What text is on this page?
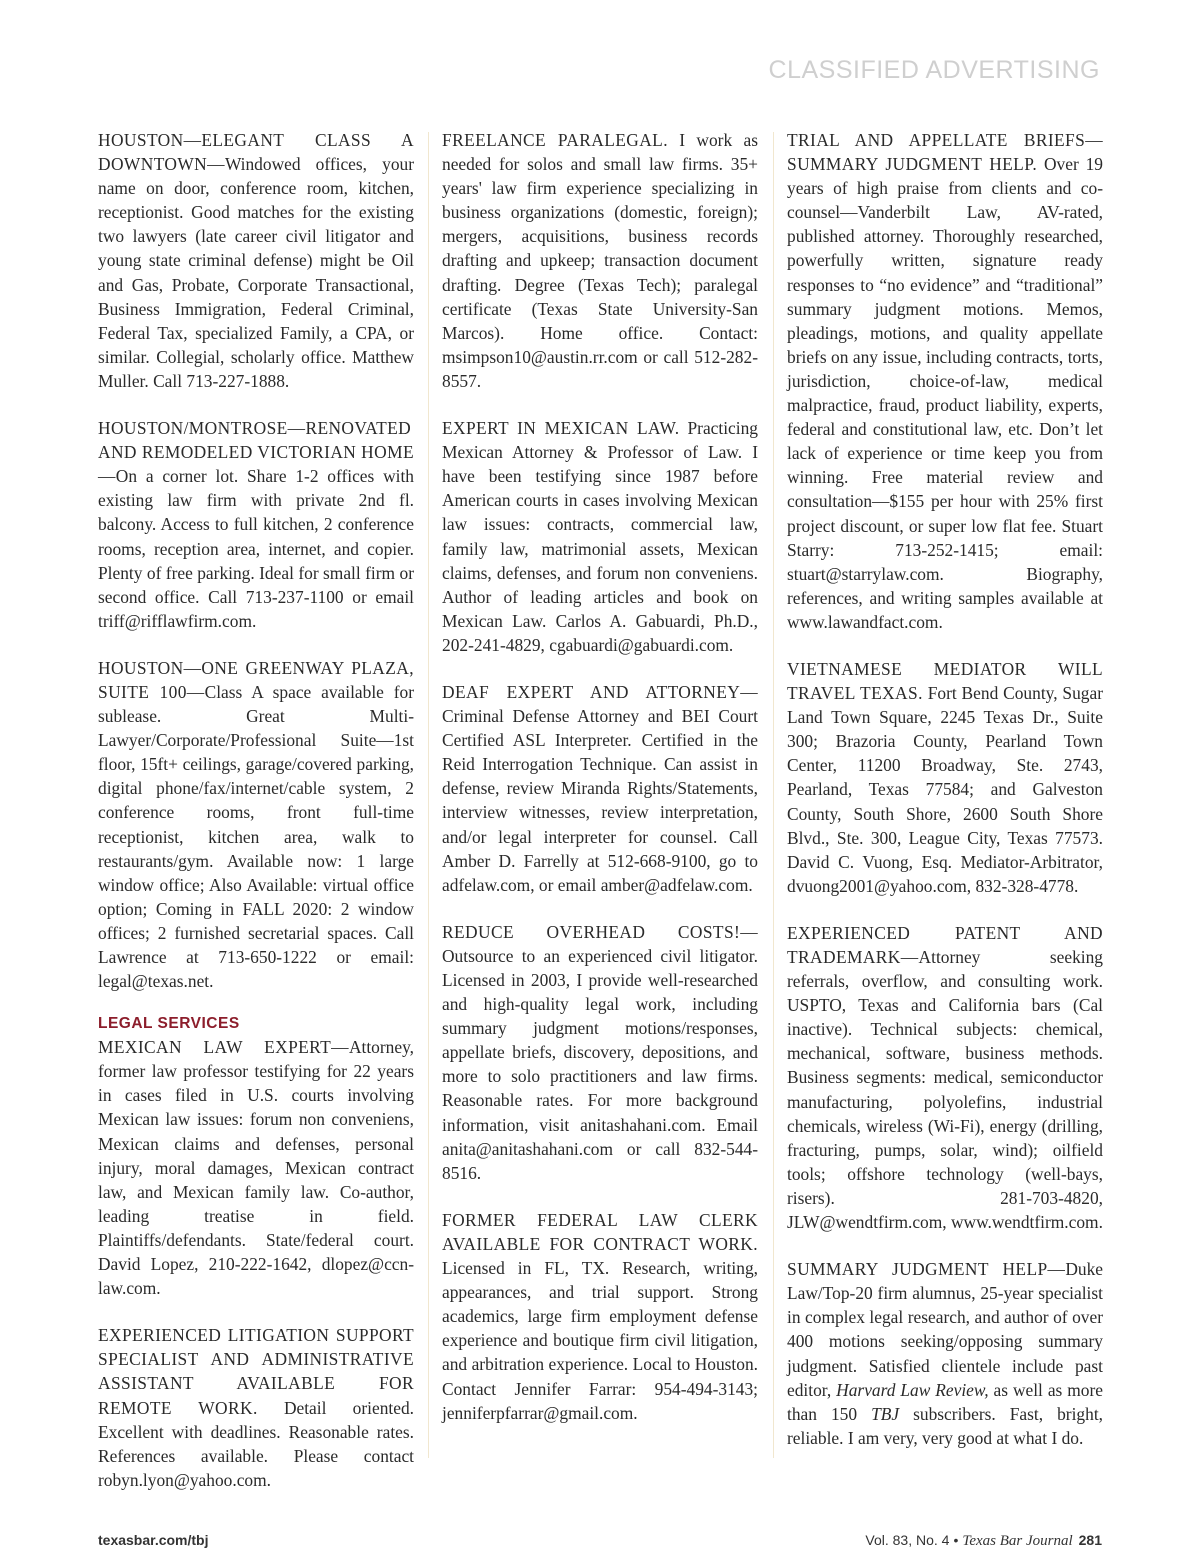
CLASSIFIED ADVERTISING

HOUSTON—ELEGANT CLASS A DOWNTOWN—Windowed offices, your name on door, conference room, kitchen, receptionist. Good matches for the existing two lawyers (late career civil litigator and young state criminal defense) might be Oil and Gas, Probate, Corporate Transactional, Business Immigration, Federal Criminal, Federal Tax, specialized Family, a CPA, or similar. Collegial, scholarly office. Matthew Muller. Call 713-227-1888.

HOUSTON/MONTROSE—RENOVATED AND REMODELED VICTORIAN HOME—On a corner lot. Share 1-2 offices with existing law firm with private 2nd fl. balcony. Access to full kitchen, 2 conference rooms, reception area, internet, and copier. Plenty of free parking. Ideal for small firm or second office. Call 713-237-1100 or email triff@rifflawfirm.com.

HOUSTON—ONE GREENWAY PLAZA, SUITE 100—Class A space available for sublease. Great Multi-Lawyer/Corporate/Professional Suite—1st floor, 15ft+ ceilings, garage/covered parking, digital phone/fax/internet/cable system, 2 conference rooms, front full-time receptionist, kitchen area, walk to restaurants/gym. Available now: 1 large window office; Also Available: virtual office option; Coming in FALL 2020: 2 window offices; 2 furnished secretarial spaces. Call Lawrence at 713-650-1222 or email: legal@texas.net.

LEGAL SERVICES

MEXICAN LAW EXPERT—Attorney, former law professor testifying for 22 years in cases filed in U.S. courts involving Mexican law issues: forum non conveniens, Mexican claims and defenses, personal injury, moral damages, Mexican contract law, and Mexican family law. Co-author, leading treatise in field. Plaintiffs/defendants. State/federal court. David Lopez, 210-222-1642, dlopez@ccn-law.com.

EXPERIENCED LITIGATION SUPPORT SPECIALIST AND ADMINISTRATIVE ASSISTANT AVAILABLE FOR REMOTE WORK. Detail oriented. Excellent with deadlines. Reasonable rates. References available. Please contact robyn.lyon@yahoo.com.

FREELANCE PARALEGAL. I work as needed for solos and small law firms. 35+ years' law firm experience specializing in business organizations (domestic, foreign); mergers, acquisitions, business records drafting and upkeep; transaction document drafting. Degree (Texas Tech); paralegal certificate (Texas State University-San Marcos). Home office. Contact: msimpson10@austin.rr.com or call 512-282-8557.

EXPERT IN MEXICAN LAW. Practicing Mexican Attorney & Professor of Law. I have been testifying since 1987 before American courts in cases involving Mexican law issues: contracts, commercial law, family law, matrimonial assets, Mexican claims, defenses, and forum non conveniens. Author of leading articles and book on Mexican Law. Carlos A. Gabuardi, Ph.D., 202-241-4829, cgabuardi@gabuardi.com.

DEAF EXPERT AND ATTORNEY—Criminal Defense Attorney and BEI Court Certified ASL Interpreter. Certified in the Reid Interrogation Technique. Can assist in defense, review Miranda Rights/Statements, interview witnesses, review interpretation, and/or legal interpreter for counsel. Call Amber D. Farrelly at 512-668-9100, go to adfelaw.com, or email amber@adfelaw.com.

REDUCE OVERHEAD COSTS!—Outsource to an experienced civil litigator. Licensed in 2003, I provide well-researched and high-quality legal work, including summary judgment motions/responses, appellate briefs, discovery, depositions, and more to solo practitioners and law firms. Reasonable rates. For more background information, visit anitashahani.com. Email anita@anitashahani.com or call 832-544-8516.

FORMER FEDERAL LAW CLERK AVAILABLE FOR CONTRACT WORK. Licensed in FL, TX. Research, writing, appearances, and trial support. Strong academics, large firm employment defense experience and boutique firm civil litigation, and arbitration experience. Local to Houston. Contact Jennifer Farrar: 954-494-3143; jenniferpfarrar@gmail.com.

TRIAL AND APPELLATE BRIEFS—SUMMARY JUDGMENT HELP. Over 19 years of high praise from clients and co-counsel—Vanderbilt Law, AV-rated, published attorney. Thoroughly researched, powerfully written, signature ready responses to “no evidence” and “traditional” summary judgment motions. Memos, pleadings, motions, and quality appellate briefs on any issue, including contracts, torts, jurisdiction, choice-of-law, medical malpractice, fraud, product liability, experts, federal and constitutional law, etc. Don’t let lack of experience or time keep you from winning. Free material review and consultation—$155 per hour with 25% first project discount, or super low flat fee. Stuart Starry: 713-252-1415; email: stuart@starrylaw.com. Biography, references, and writing samples available at www.lawandfact.com.

VIETNAMESE MEDIATOR WILL TRAVEL TEXAS. Fort Bend County, Sugar Land Town Square, 2245 Texas Dr., Suite 300; Brazoria County, Pearland Town Center, 11200 Broadway, Ste. 2743, Pearland, Texas 77584; and Galveston County, South Shore, 2600 South Shore Blvd., Ste. 300, League City, Texas 77573. David C. Vuong, Esq. Mediator-Arbitrator, dvuong2001@yahoo.com, 832-328-4778.

EXPERIENCED PATENT AND TRADEMARK—Attorney seeking referrals, overflow, and consulting work. USPTO, Texas and California bars (Cal inactive). Technical subjects: chemical, mechanical, software, business methods. Business segments: medical, semiconductor manufacturing, polyolefins, industrial chemicals, wireless (Wi-Fi), energy (drilling, fracturing, pumps, solar, wind); oilfield tools; offshore technology (well-bays, risers). 281-703-4820, JLW@wendtfirm.com, www.wendtfirm.com.

SUMMARY JUDGMENT HELP—Duke Law/Top-20 firm alumnus, 25-year specialist in complex legal research, and author of over 400 motions seeking/opposing summary judgment. Satisfied clientele include past editor, Harvard Law Review, as well as more than 150 TBJ subscribers. Fast, bright, reliable. I am very, very good at what I do.

texasbar.com/tbj	Vol. 83, No. 4 • Texas Bar Journal 281
